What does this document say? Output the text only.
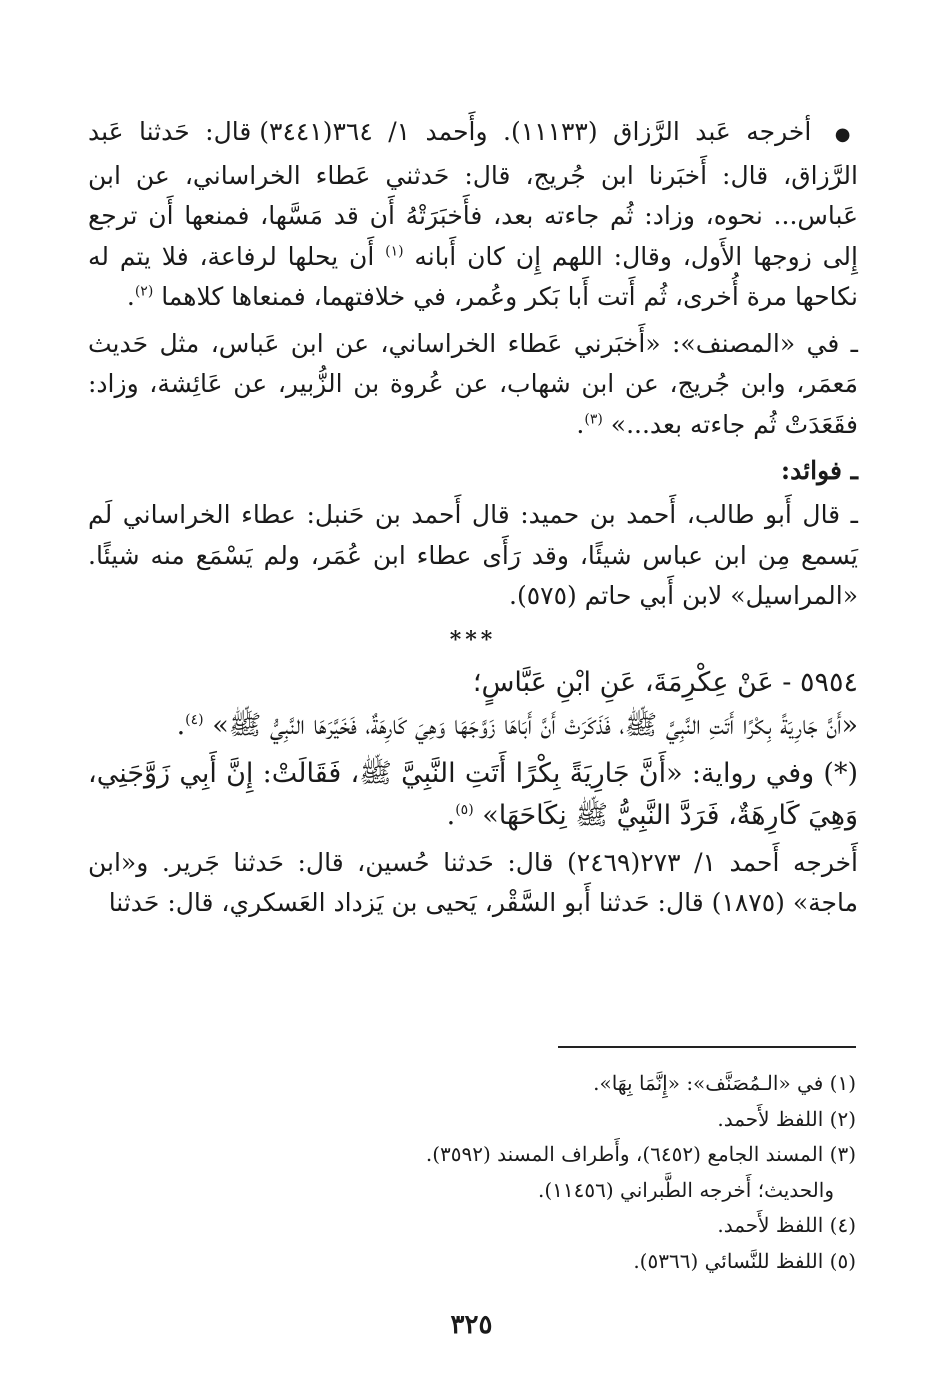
● أخرجه عَبد الرَّزاق (١١١٣٣). وأَحمد ١/ ٣٦٤(٣٤٤١) قال: حَدثنا عَبد الرَّزاق، قال: أَخبَرنا ابن جُريج، قال: حَدثني عَطاء الخراساني، عن ابن عَباس... نحوه، وزاد: ثُم جاءته بعد، فأَخبَرَتْهُ أَن قد مَسَّها، فمنعها أَن ترجع إِلى زوجها الأَول، وقال: اللهم إِن كان أَبانه $^{(١)}$ أَن يحلها لرفاعة، فلا يتم له نكاحها مرة أُخرى، ثُم أَتت أَبا بَكر وعُمر، في خلافتهما، فمنعاها كلاهما $^{(٢)}$.

ـ في «المصنف»: «أَخبَرني عَطاء الخراساني، عن ابن عَباس، مثل حَديث مَعمَر، وابن جُريج، عن ابن شهاب، عن عُروة بن الزُّبير، عن عَائِشة، وزاد: فقَعَدَتْ ثُم جاءته بعد...» $^{(٣)}$.

ـ فوائد:

ـ قال أَبو طالب، أَحمد بن حميد: قال أَحمد بن حَنبل: عطاء الخراساني لَم يَسمع مِن ابن عباس شيئًا، وقد رَأَى عطاء ابن عُمَر، ولم يَسْمَع منه شيئًا. «المراسيل» لابن أَبي حاتم (٥٧٥).

***

٥٩٥٤ - عَنْ عِكْرِمَةَ، عَنِ ابْنِ عَبَّاسٍ؛

«أَنَّ جَارِيَةً بِكْرًا أَتَتِ النَّبِيَّ ﷺ، فَذَكَرَتْ أَنَّ أَبَاهَا زَوَّجَهَا وَهِيَ كَارِهَةٌ، فَخَيَّرَهَا النَّبِيُّ ﷺ» $^{(٤)}$.

(*) وفي رواية: «أَنَّ جَارِيَةً بِكْرًا أَتَتِ النَّبِيَّ ﷺ، فَقَالَتْ: إِنَّ أَبِي زَوَّجَنِي، وَهِيَ كَارِهَةٌ، فَرَدَّ النَّبِيُّ ﷺ نِكَاحَهَا» $^{(٥)}$.

أَخرجه أَحمد ١/ ٢٧٣(٢٤٦٩) قال: حَدثنا حُسين، قال: حَدثنا جَرير. و«ابن ماجة» (١٨٧٥) قال: حَدثنا أَبو السَّقْر، يَحيى بن يَزداد العَسكري، قال: حَدثنا

(١) في «الـمُصَنَّف»: «إِنَّمَا بِهَا».

(٢) اللفظ لأَحمد.

(٣) المسند الجامع (٦٤٥٢)، وأَطراف المسند (٣٥٩٢).

والحديث؛ أَخرجه الطَّبراني (١١٤٥٦).

(٤) اللفظ لأَحمد.

(٥) اللفظ للنَّسائي (٥٣٦٦).

٣٢٥
